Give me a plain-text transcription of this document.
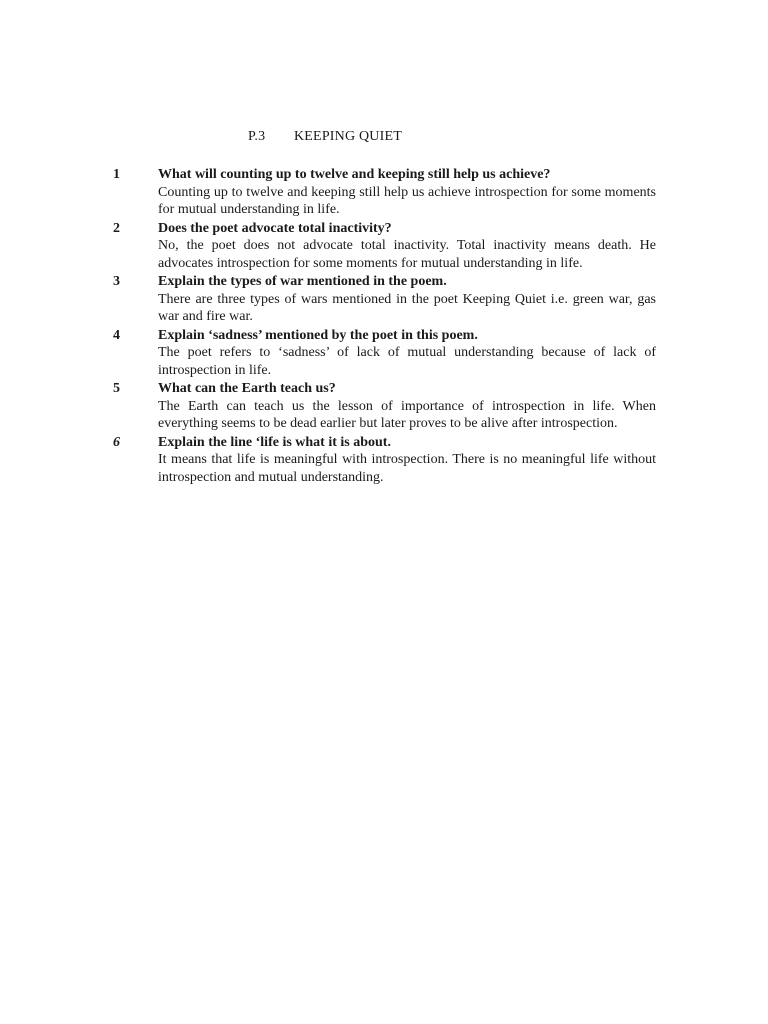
P.3 KEEPING QUIET
1	What will counting up to twelve and keeping still help us achieve?
Counting up to twelve and keeping still help us achieve introspection for some moments for mutual understanding in life.
2	Does the poet advocate total inactivity?
No, the poet does not advocate total inactivity. Total inactivity means death. He advocates introspection for some moments for mutual understanding in life.
3	Explain the types of war mentioned in the poem.
There are three types of wars mentioned in the poet Keeping Quiet i.e. green war, gas war and fire war.
4	Explain ‘sadness’ mentioned by the poet in this poem.
The poet refers to ‘sadness’ of lack of mutual understanding because of lack of introspection in life.
5	What can the Earth teach us?
The Earth can teach us the lesson of importance of introspection in life. When everything seems to be dead earlier but later proves to be alive after introspection.
6	Explain the line ‘life is what it is about.
It means that life is meaningful with introspection. There is no meaningful life without introspection and mutual understanding.
